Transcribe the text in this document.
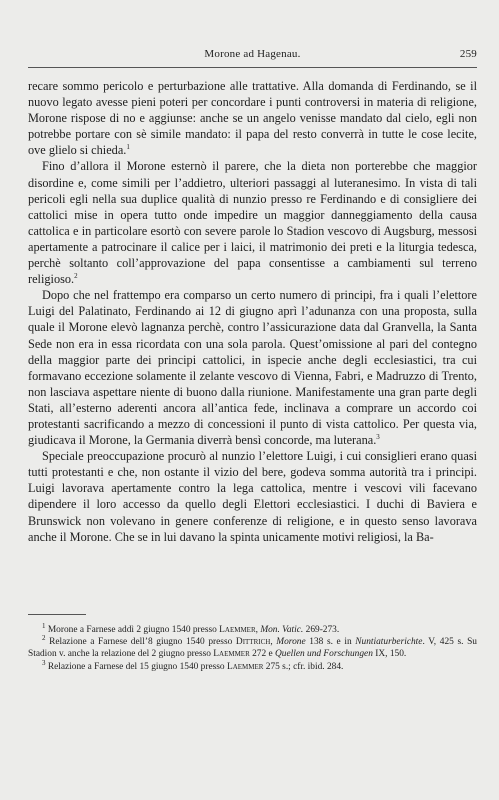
Morone ad Hagenau.	259

recare sommo pericolo e perturbazione alle trattative. Alla domanda di Ferdinando, se il nuovo legato avesse pieni poteri per concordare i punti controversi in materia di religione, Morone rispose di no e aggiunse: anche se un angelo venisse mandato dal cielo, egli non potrebbe portare con sè simile mandato: il papa del resto converrà in tutte le cose lecite, ove glielo si chieda.$^1$

Fino d’allora il Morone esternò il parere, che la dieta non porterebbe che maggior disordine e, come simili per l’addietro, ulteriori passaggi al luteranesimo. In vista di tali pericoli egli nella sua duplice qualità di nunzio presso re Ferdinando e di consigliere dei cattolici mise in opera tutto onde impedire un maggior danneggiamento della causa cattolica e in particolare esortò con severe parole lo Stadion vescovo di Augsburg, messosi apertamente a patrocinare il calice per i laici, il matrimonio dei preti e la liturgia tedesca, perchè soltanto coll’approvazione del papa consentisse a cambiamenti sul terreno religioso.$^2$

Dopo che nel frattempo era comparso un certo numero di principi, fra i quali l’elettore Luigi del Palatinato, Ferdinando ai 12 di giugno aprì l’adunanza con una proposta, sulla quale il Morone elevò lagnanza perchè, contro l’assicurazione data dal Granvella, la Santa Sede non era in essa ricordata con una sola parola. Quest’omissione al pari del contegno della maggior parte dei principi cattolici, in ispecie anche degli ecclesiastici, tra cui formavano eccezione solamente il zelante vescovo di Vienna, Fabri, e Madruzzo di Trento, non lasciava aspettare niente di buono dalla riunione. Manifestamente una gran parte degli Stati, all’esterno aderenti ancora all’antica fede, inclinava a comprare un accordo coi protestanti sacrificando a mezzo di concessioni il punto di vista cattolico. Per questa via, giudicava il Morone, la Germania diverrà bensì concorde, ma luterana.$^3$

Speciale preoccupazione procurò al nunzio l’elettore Luigi, i cui consiglieri erano quasi tutti protestanti e che, non ostante il vizio del bere, godeva somma autorità tra i principi. Luigi lavorava apertamente contro la lega cattolica, mentre i vescovi vili facevano dipendere il loro accesso da quello degli Elettori ecclesiastici. I duchi di Baviera e Brunswick non volevano in genere conferenze di religione, e in questo senso lavorava anche il Morone. Che se in lui davano la spinta unicamente motivi religiosi, la Ba-

$^1$ Morone a Farnese addì 2 giugno 1540 presso Laemmer, Mon. Vatic. 269-273.

$^2$ Relazione a Farnese dell’8 giugno 1540 presso Dittrich, Morone 138 s. e in Nuntiaturberichte. V, 425 s. Su Stadion v. anche la relazione del 2 giugno presso Laemmer 272 e Quellen und Forschungen IX, 150.

$^3$ Relazione a Farnese del 15 giugno 1540 presso Laemmer 275 s.; cfr. ibid. 284.
